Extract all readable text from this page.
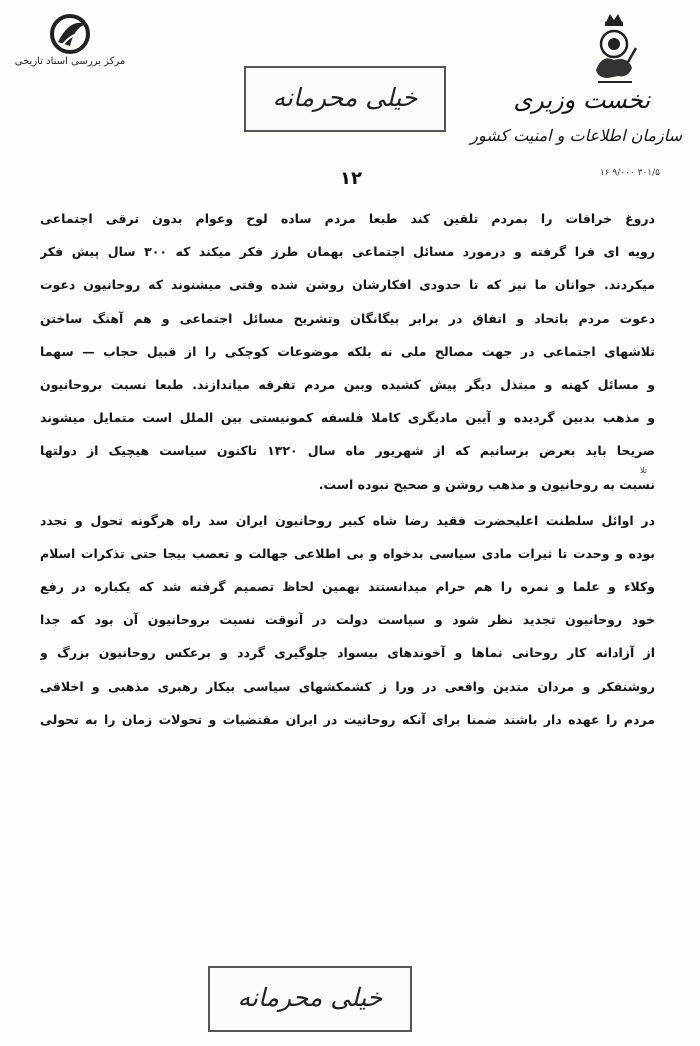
مرکز بررسی اسناد تاریخی
نخست وزیری
سازمان اطلاعات و امنیت کشور
۳۰۱/۵ ۹/۰۰۰ ۱۶
خیلی محرمانه
۱۲
تلا
دروغ خرافات را بمردم تلقین کند طبعا مردم ساده لوح وعوام بدون ترقی اجتماعی
رویه ای فرا گرفته و درمورد مسائل اجتماعی بهمان طرز فکر میکند که ۳۰۰ سال پیش فکر
میکردند. جوانان ما نیز که تا حدودی افکارشان روشن شده وقتی میشنوند که روحانیون دعوت
دعوت مردم باتحاد و اتفاق در برابر بیگانگان وتشریح مسائل اجتماعی و هم آهنگ ساختن
تلاشهای اجتماعی در جهت مصالح ملی نه بلکه موضوعات کوچکی را از قبیل حجاب — سهما
و مسائل کهنه و مبتذل دیگر پیش کشیده وبین مردم تفرقه میاندازند. طبعا نسبت بروحانیون
و مذهب بدبین گردیده و آیین مادیگری کاملا فلسفه کمونیستی بین الملل است متمایل میشوند
صریحا باید بعرض برسانیم که از شهریور ماه سال ۱۳۲۰ تاکنون سیاست هیچیک از دولتها
نسبت به روحانیون و مذهب روشن و صحیح نبوده است.
در اوائل سلطنت اعلیحضرت فقید رضا شاه کبیر روحانیون ایران سد راه هرگونه تحول و تجدد
بوده و وحدت تا ثیرات مادی سیاسی بدخواه و بی اطلاعی جهالت و تعصب بیجا حتی تذکرات اسلام
وکلاء و علما و نمره را هم حرام میدانستند بهمین لحاظ تصمیم گرفته شد که یکباره در رفع
خود روحانیون تجدید نظر شود و سیاست دولت در آنوقت نسبت بروحانیون آن بود که جدا
از آزادانه کار روحانی نماها و آخوندهای بیسواد جلوگیری گردد و برعکس روحانیون بزرگ و
روشنفکر و مردان متدین واقعی در ورا ز کشمکشهای سیاسی بیکار رهبری مذهبی و اخلاقی
مردم را عهده دار باشند ضمنا برای آنکه روحانیت در ایران مقتضیات و تحولات زمان را به تحولی
خیلی محرمانه
